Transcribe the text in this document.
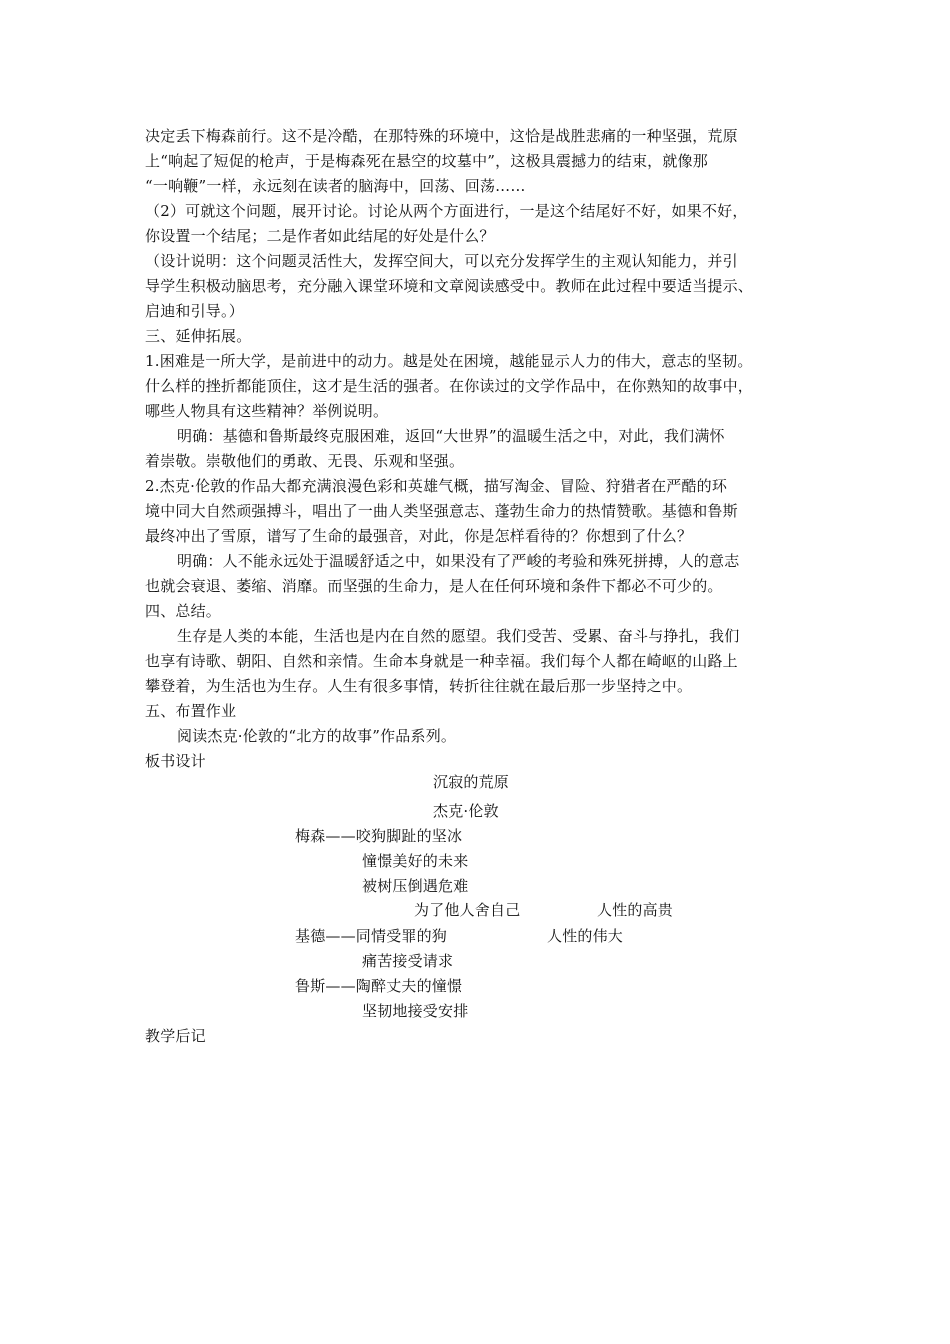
决定丢下梅森前行。这不是冷酷，在那特殊的环境中，这恰是战胜悲痛的一种坚强，荒原
上“响起了短促的枪声，于是梅森死在悬空的坟墓中”，这极具震撼力的结束，就像那
“一响鞭”一样，永远刻在读者的脑海中，回荡、回荡……
（2）可就这个问题，展开讨论。讨论从两个方面进行，一是这个结尾好不好，如果不好，
你设置一个结尾；二是作者如此结尾的好处是什么？
（设计说明：这个问题灵活性大，发挥空间大，可以充分发挥学生的主观认知能力，并引
导学生积极动脑思考，充分融入课堂环境和文章阅读感受中。教师在此过程中要适当提示、
启迪和引导。）
三、延伸拓展。
1.困难是一所大学，是前进中的动力。越是处在困境，越能显示人力的伟大，意志的坚韧。
什么样的挫折都能顶住，这才是生活的强者。在你读过的文学作品中，在你熟知的故事中，
哪些人物具有这些精神？举例说明。
明确：基德和鲁斯最终克服困难，返回“大世界”的温暖生活之中，对此，我们满怀
着崇敬。崇敬他们的勇敢、无畏、乐观和坚强。
2.杰克·伦敦的作品大都充满浪漫色彩和英雄气概，描写淘金、冒险、狩猎者在严酷的环
境中同大自然顽强搏斗，唱出了一曲人类坚强意志、蓬勃生命力的热情赞歌。基德和鲁斯
最终冲出了雪原，谱写了生命的最强音，对此，你是怎样看待的？你想到了什么？
明确：人不能永远处于温暖舒适之中，如果没有了严峻的考验和殊死拼搏，人的意志
也就会衰退、萎缩、消靡。而坚强的生命力，是人在任何环境和条件下都必不可少的。
四、总结。
生存是人类的本能，生活也是内在自然的愿望。我们受苦、受累、奋斗与挣扎，我们
也享有诗歌、朝阳、自然和亲情。生命本身就是一种幸福。我们每个人都在崎岖的山路上
攀登着，为生活也为生存。人生有很多事情，转折往往就在最后那一步坚持之中。
五、布置作业
阅读杰克·伦敦的“北方的故事”作品系列。
板书设计
沉寂的荒原
杰克·伦敦
梅森——咬狗脚趾的坚冰
憧憬美好的未来
被树压倒遇危难
为了他人舍自己	人性的高贵
基德——同情受罪的狗	人性的伟大
痛苦接受请求
鲁斯——陶醉丈夫的憧憬
坚韧地接受安排
教学后记
